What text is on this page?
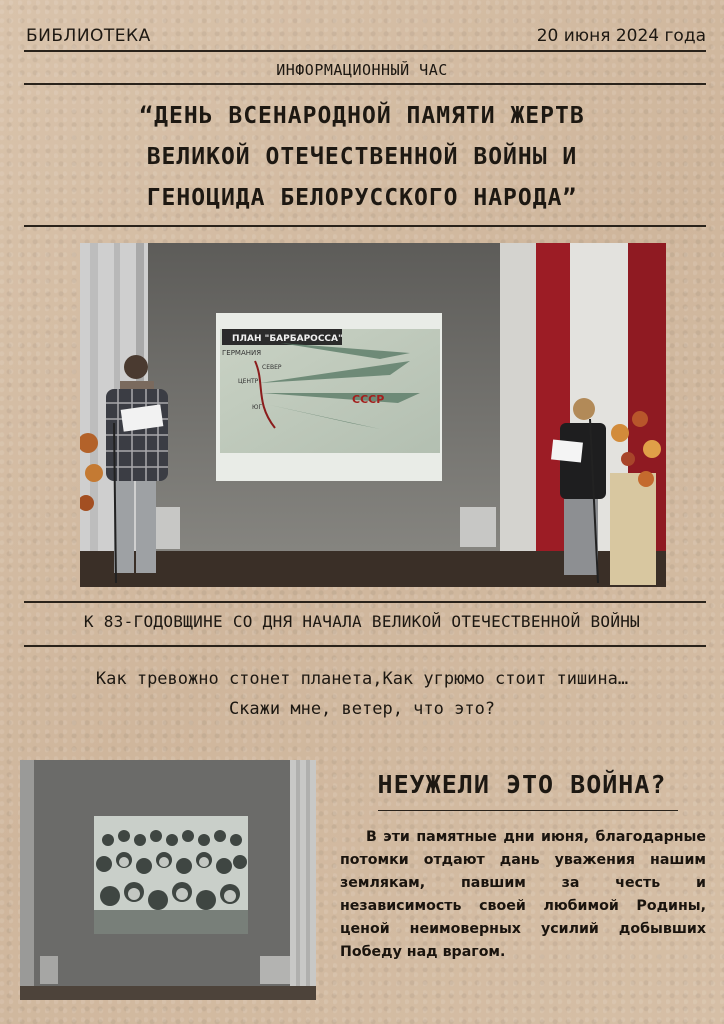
БИБЛИОТЕКА	20 июня 2024 года
ИНФОРМАЦИОННЫЙ ЧАС
“ДЕНЬ ВСЕНАРОДНОЙ ПАМЯТИ ЖЕРТВ
ВЕЛИКОЙ ОТЕЧЕСТВЕННОЙ ВОЙНЫ И
ГЕНОЦИДА БЕЛОРУССКОГО НАРОДА”
ПЛАН "БАРБАРОССА"
ГЕРМАНИЯ
СССР
СЕВЕР
ЦЕНТР
ЮГ
К 83-ГОДОВЩИНЕ СО ДНЯ НАЧАЛА ВЕЛИКОЙ ОТЕЧЕСТВЕННОЙ ВОЙНЫ
Как тревожно стонет планета,Как угрюмо стоит тишина…
Скажи мне, ветер, что это?
НЕУЖЕЛИ ЭТО ВОЙНА?
В эти памятные дни июня, благодарные потомки отдают дань уважения нашим землякам, павшим за честь и независимость своей любимой Родины, ценой неимоверных усилий добывших Победу над врагом.
